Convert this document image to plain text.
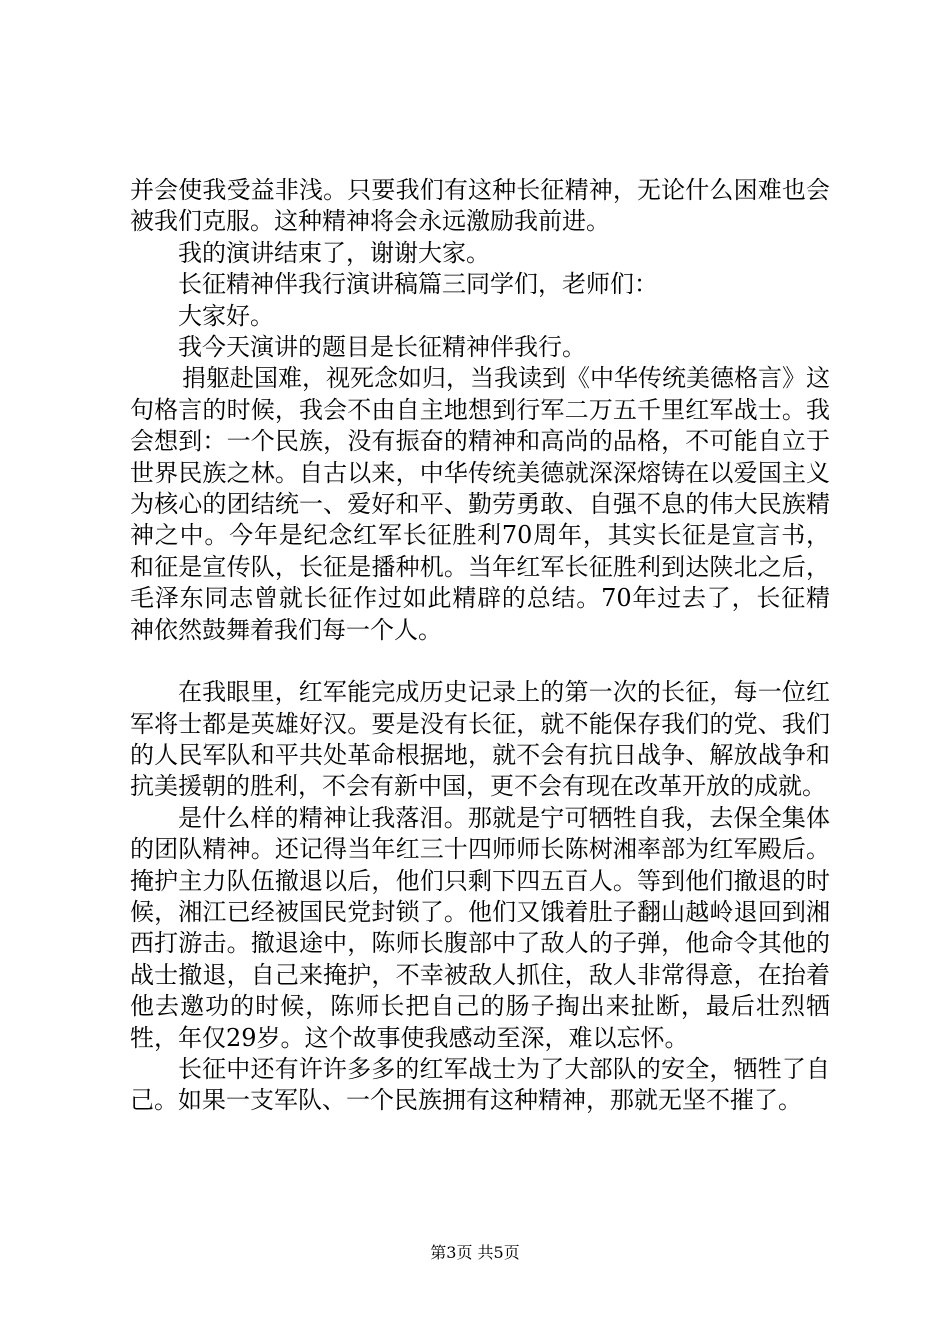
并会使我受益非浅。只要我们有这种长征精神，无论什么困难也会被我们克服。这种精神将会永远激励我前进。

我的演讲结束了，谢谢大家。

长征精神伴我行演讲稿篇三同学们，老师们：

大家好。

我今天演讲的题目是长征精神伴我行。

捐躯赴国难，视死念如归，当我读到《中华传统美德格言》这句格言的时候，我会不由自主地想到行军二万五千里红军战士。我会想到：一个民族，没有振奋的精神和高尚的品格，不可能自立于世界民族之林。自古以来，中华传统美德就深深熔铸在以爱国主义为核心的团结统一、爱好和平、勤劳勇敢、自强不息的伟大民族精神之中。今年是纪念红军长征胜利70周年，其实长征是宣言书，和征是宣传队，长征是播种机。当年红军长征胜利到达陕北之后，毛泽东同志曾就长征作过如此精辟的总结。70年过去了，长征精神依然鼓舞着我们每一个人。

在我眼里，红军能完成历史记录上的第一次的长征，每一位红军将士都是英雄好汉。要是没有长征，就不能保存我们的党、我们的人民军队和平共处革命根据地，就不会有抗日战争、解放战争和抗美援朝的胜利，不会有新中国，更不会有现在改革开放的成就。

是什么样的精神让我落泪。那就是宁可牺牲自我，去保全集体的团队精神。还记得当年红三十四师师长陈树湘率部为红军殿后。掩护主力队伍撤退以后，他们只剩下四五百人。等到他们撤退的时候，湘江已经被国民党封锁了。他们又饿着肚子翻山越岭退回到湘西打游击。撤退途中，陈师长腹部中了敌人的子弹，他命令其他的战士撤退，自己来掩护，不幸被敌人抓住，敌人非常得意，在抬着他去邀功的时候，陈师长把自己的肠子掏出来扯断，最后壮烈牺牲，年仅29岁。这个故事使我感动至深，难以忘怀。

长征中还有许许多多的红军战士为了大部队的安全，牺牲了自己。如果一支军队、一个民族拥有这种精神，那就无坚不摧了。

第3页 共5页
